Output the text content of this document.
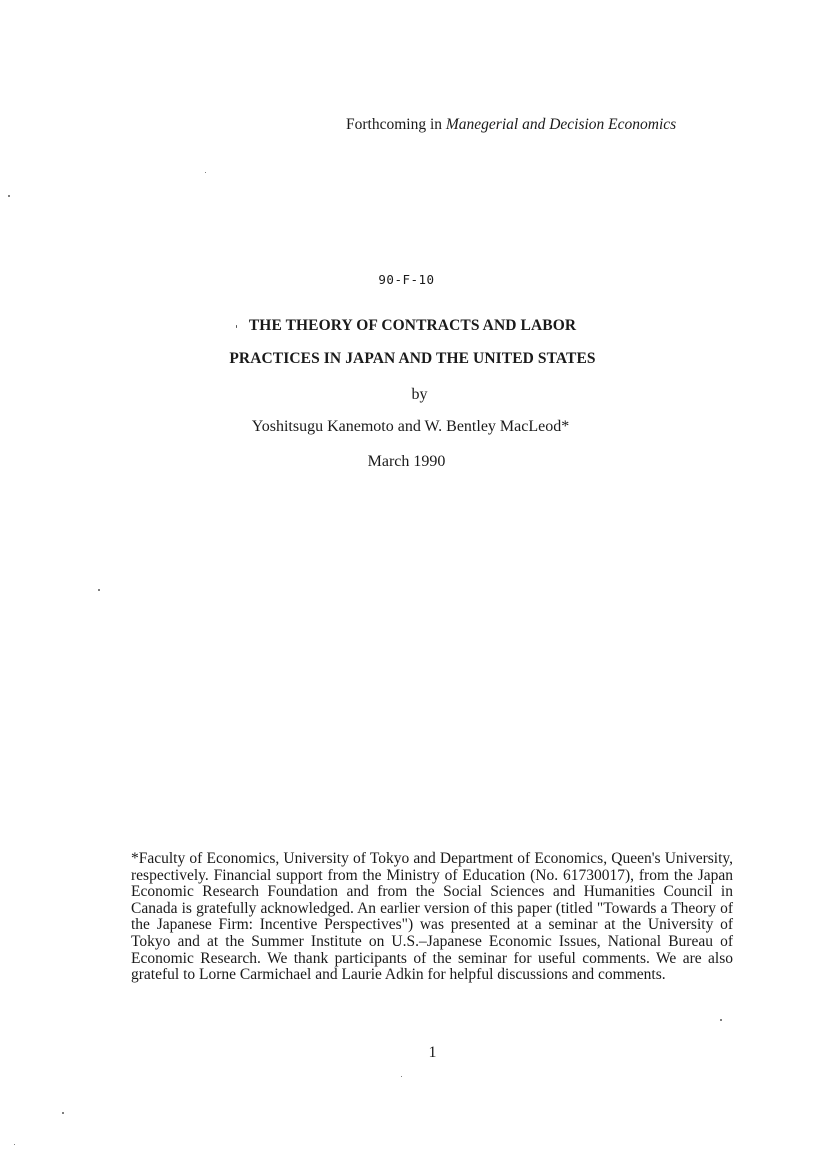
Forthcoming in Manegerial and Decision Economics
90-F-10
THE THEORY OF CONTRACTS AND LABOR
PRACTICES IN JAPAN AND THE UNITED STATES
by
Yoshitsugu Kanemoto and W. Bentley MacLeod*
March 1990

*Faculty of Economics, University of Tokyo and Department of Economics, Queen's University, respectively. Financial support from the Ministry of Education (No. 61730017), from the Japan Economic Research Foundation and from the Social Sciences and Humanities Council in Canada is gratefully acknowledged. An earlier version of this paper (titled "Towards a Theory of the Japanese Firm: Incentive Perspectives") was presented at a seminar at the University of Tokyo and at the Summer Institute on U.S.–Japanese Economic Issues, National Bureau of Economic Research. We thank participants of the seminar for useful comments. We are also grateful to Lorne Carmichael and Laurie Adkin for helpful discussions and comments.

1
